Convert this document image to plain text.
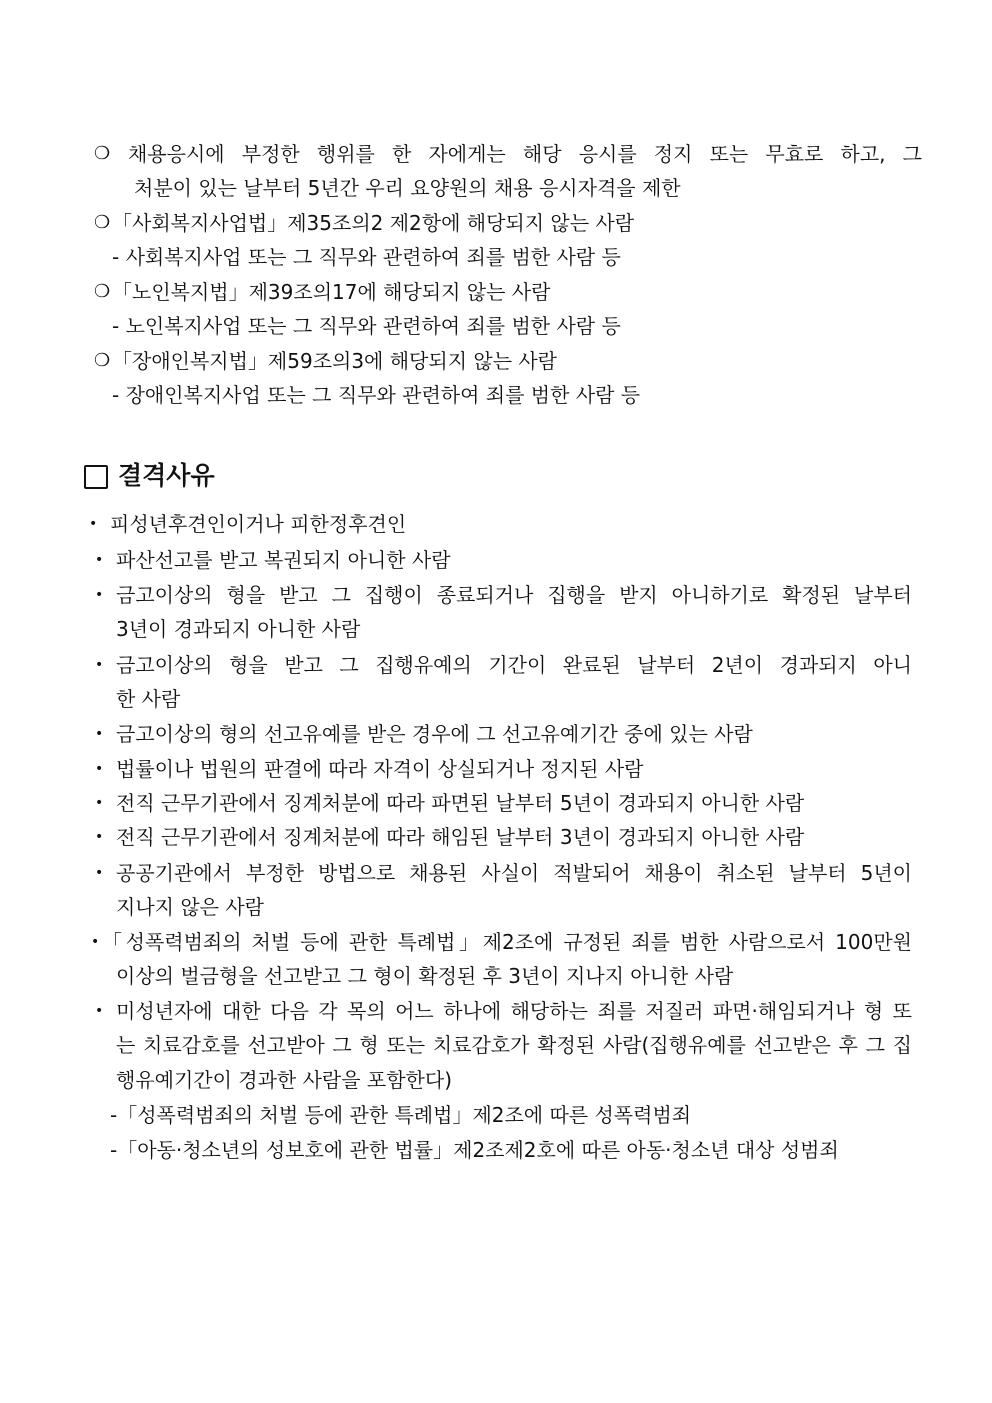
❍ 채용응시에 부정한 행위를 한 자에게는 해당 응시를 정지 또는 무효로 하고, 그
처분이 있는 날부터 5년간 우리 요양원의 채용 응시자격을 제한
❍ 「사회복지사업법」제35조의2 제2항에 해당되지 않는 사람
- 사회복지사업 또는 그 직무와 관련하여 죄를 범한 사람 등
❍ 「노인복지법」제39조의17에 해당되지 않는 사람
- 노인복지사업 또는 그 직무와 관련하여 죄를 범한 사람 등
❍ 「장애인복지법」제59조의3에 해당되지 않는 사람
- 장애인복지사업 또는 그 직무와 관련하여 죄를 범한 사람 등
결격사유
• 피성년후견인이거나 피한정후견인
• 파산선고를 받고 복권되지 아니한 사람
• 금고이상의 형을 받고 그 집행이 종료되거나 집행을 받지 아니하기로 확정된 날부터
3년이 경과되지 아니한 사람
• 금고이상의 형을 받고 그 집행유예의 기간이 완료된 날부터 2년이 경과되지 아니
한 사람
• 금고이상의 형의 선고유예를 받은 경우에 그 선고유예기간 중에 있는 사람
• 법률이나 법원의 판결에 따라 자격이 상실되거나 정지된 사람
• 전직 근무기관에서 징계처분에 따라 파면된 날부터 5년이 경과되지 아니한 사람
• 전직 근무기관에서 징계처분에 따라 해임된 날부터 3년이 경과되지 아니한 사람
• 공공기관에서 부정한 방법으로 채용된 사실이 적발되어 채용이 취소된 날부터 5년이
지나지 않은 사람
• 「성폭력범죄의 처벌 등에 관한 특례법」제2조에 규정된 죄를 범한 사람으로서 100만원
이상의 벌금형을 선고받고 그 형이 확정된 후 3년이 지나지 아니한 사람
• 미성년자에 대한 다음 각 목의 어느 하나에 해당하는 죄를 저질러 파면·해임되거나 형 또
는 치료감호를 선고받아 그 형 또는 치료감호가 확정된 사람(집행유예를 선고받은 후 그 집
행유예기간이 경과한 사람을 포함한다)
-「성폭력범죄의 처벌 등에 관한 특례법」제2조에 따른 성폭력범죄
-「아동·청소년의 성보호에 관한 법률」제2조제2호에 따른 아동·청소년 대상 성범죄
